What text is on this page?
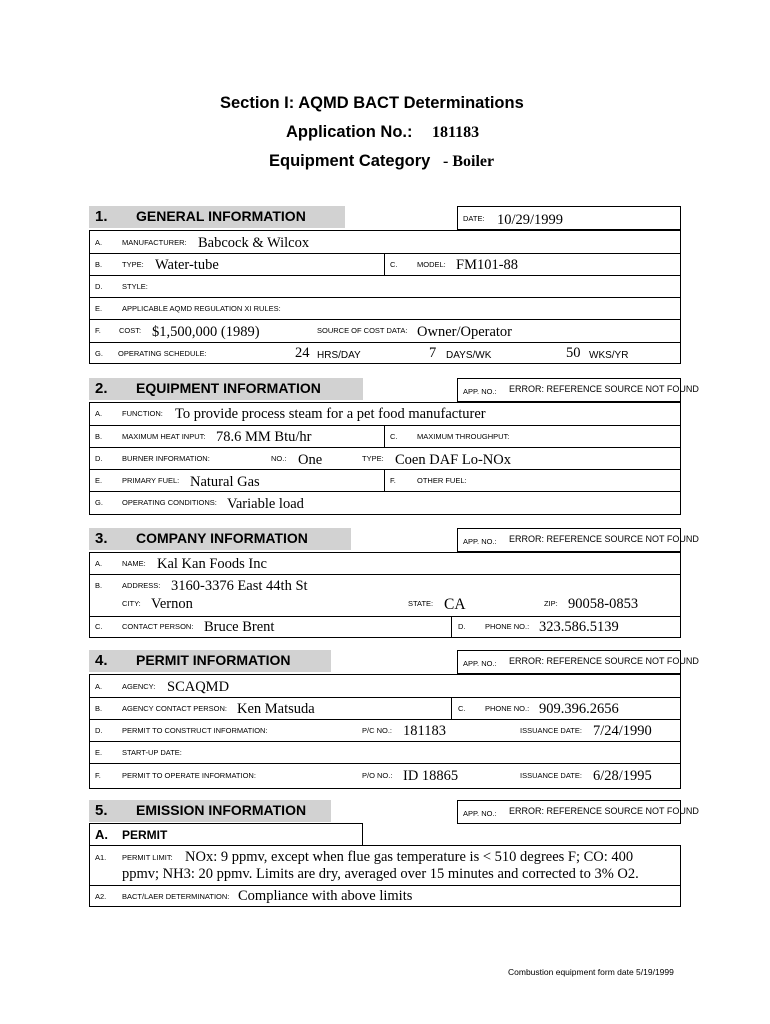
Section I: AQMD BACT Determinations
Application No.: 181183
Equipment Category - Boiler
1. GENERAL INFORMATION	DATE: 10/29/1999
A.	MANUFACTURER: Babcock & Wilcox
B.	TYPE: Water-tube	C.	MODEL: FM101-88
D.	STYLE:
E.	APPLICABLE AQMD REGULATION XI RULES:
F. COST: $1,500,000 (1989)	SOURCE OF COST DATA: Owner/Operator
G. OPERATING SCHEDULE:	24 HRS/DAY	7 DAYS/WK	50 WKS/YR
2. EQUIPMENT INFORMATION	APP. NO.: ERROR: REFERENCE SOURCE NOT FOUND
A.	FUNCTION: To provide process steam for a pet food manufacturer
B.	MAXIMUM HEAT INPUT: 78.6 MM Btu/hr	C.	MAXIMUM THROUGHPUT:
D.	BURNER INFORMATION:	NO.: One	TYPE: Coen DAF Lo-NOx
E.	PRIMARY FUEL: Natural Gas	F.	OTHER FUEL:
G.	OPERATING CONDITIONS: Variable load
3. COMPANY INFORMATION	APP. NO.: ERROR: REFERENCE SOURCE NOT FOUND
A.	NAME: Kal Kan Foods Inc
B.	ADDRESS: 3160-3376 East 44th St
CITY: Vernon	STATE: CA	ZIP: 90058-0853
C.	CONTACT PERSON: Bruce Brent	D.	PHONE NO.: 323.586.5139
4. PERMIT INFORMATION	APP. NO.: ERROR: REFERENCE SOURCE NOT FOUND
A.	AGENCY: SCAQMD
B.	AGENCY CONTACT PERSON: Ken Matsuda	C.	PHONE NO.: 909.396.2656
D.	PERMIT TO CONSTRUCT INFORMATION:	P/C NO.: 181183	ISSUANCE DATE: 7/24/1990
E.	START-UP DATE:
F.	PERMIT TO OPERATE INFORMATION:	P/O NO.: ID 18865	ISSUANCE DATE: 6/28/1995
5. EMISSION INFORMATION	APP. NO.: ERROR: REFERENCE SOURCE NOT FOUND
A. PERMIT
A1. PERMIT LIMIT: NOx: 9 ppmv, except when flue gas temperature is < 510 degrees F; CO: 400
ppmv; NH3: 20 ppmv. Limits are dry, averaged over 15 minutes and corrected to 3% O2.
A2. BACT/LAER DETERMINATION: Compliance with above limits
Combustion equipment form date 5/19/1999
